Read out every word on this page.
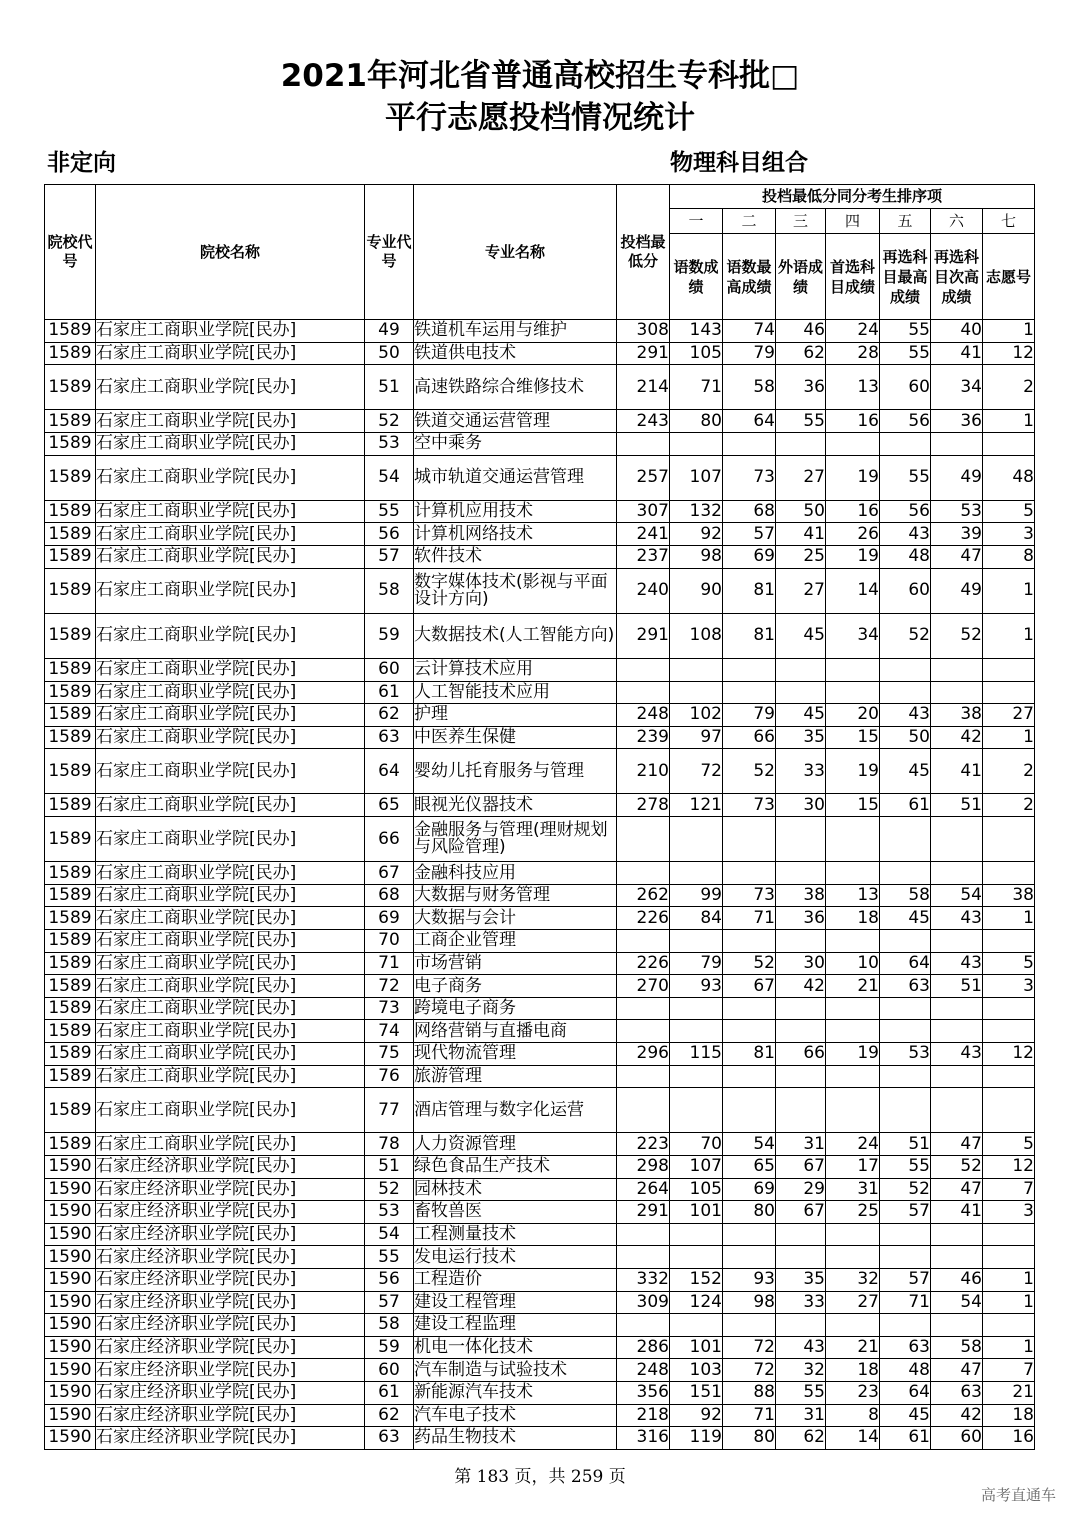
2021年河北省普通高校招生专科批□
平行志愿投档情况统计
非定向	物理科目组合
院校代号	院校名称	专业代号	专业名称	投档最低分	投档最低分同分考生排序项						
					一	二	三	四	五	六	七
					语数成绩	语数最高成绩	外语成绩	首选科目成绩	再选科目最高成绩	再选科目次高成绩	志愿号
1589	石家庄工商职业学院[民办]	49	铁道机车运用与维护	308	143	74	46	24	55	40	1
1589	石家庄工商职业学院[民办]	50	铁道供电技术	291	105	79	62	28	55	41	12
1589	石家庄工商职业学院[民办]	51	高速铁路综合维修技术	214	71	58	36	13	60	34	2
1589	石家庄工商职业学院[民办]	52	铁道交通运营管理	243	80	64	55	16	56	36	1
1589	石家庄工商职业学院[民办]	53	空中乘务								
1589	石家庄工商职业学院[民办]	54	城市轨道交通运营管理	257	107	73	27	19	55	49	48
1589	石家庄工商职业学院[民办]	55	计算机应用技术	307	132	68	50	16	56	53	5
1589	石家庄工商职业学院[民办]	56	计算机网络技术	241	92	57	41	26	43	39	3
1589	石家庄工商职业学院[民办]	57	软件技术	237	98	69	25	19	48	47	8
1589	石家庄工商职业学院[民办]	58	数字媒体技术(影视与平面设计方向)	240	90	81	27	14	60	49	1
1589	石家庄工商职业学院[民办]	59	大数据技术(人工智能方向)	291	108	81	45	34	52	52	1
1589	石家庄工商职业学院[民办]	60	云计算技术应用								
1589	石家庄工商职业学院[民办]	61	人工智能技术应用								
1589	石家庄工商职业学院[民办]	62	护理	248	102	79	45	20	43	38	27
1589	石家庄工商职业学院[民办]	63	中医养生保健	239	97	66	35	15	50	42	1
1589	石家庄工商职业学院[民办]	64	婴幼儿托育服务与管理	210	72	52	33	19	45	41	2
1589	石家庄工商职业学院[民办]	65	眼视光仪器技术	278	121	73	30	15	61	51	2
1589	石家庄工商职业学院[民办]	66	金融服务与管理(理财规划与风险管理)								
1589	石家庄工商职业学院[民办]	67	金融科技应用								
1589	石家庄工商职业学院[民办]	68	大数据与财务管理	262	99	73	38	13	58	54	38
1589	石家庄工商职业学院[民办]	69	大数据与会计	226	84	71	36	18	45	43	1
1589	石家庄工商职业学院[民办]	70	工商企业管理								
1589	石家庄工商职业学院[民办]	71	市场营销	226	79	52	30	10	64	43	5
1589	石家庄工商职业学院[民办]	72	电子商务	270	93	67	42	21	63	51	3
1589	石家庄工商职业学院[民办]	73	跨境电子商务								
1589	石家庄工商职业学院[民办]	74	网络营销与直播电商								
1589	石家庄工商职业学院[民办]	75	现代物流管理	296	115	81	66	19	53	43	12
1589	石家庄工商职业学院[民办]	76	旅游管理								
1589	石家庄工商职业学院[民办]	77	酒店管理与数字化运营								
1589	石家庄工商职业学院[民办]	78	人力资源管理	223	70	54	31	24	51	47	5
1590	石家庄经济职业学院[民办]	51	绿色食品生产技术	298	107	65	67	17	55	52	12
1590	石家庄经济职业学院[民办]	52	园林技术	264	105	69	29	31	52	47	7
1590	石家庄经济职业学院[民办]	53	畜牧兽医	291	101	80	67	25	57	41	3
1590	石家庄经济职业学院[民办]	54	工程测量技术								
1590	石家庄经济职业学院[民办]	55	发电运行技术								
1590	石家庄经济职业学院[民办]	56	工程造价	332	152	93	35	32	57	46	1
1590	石家庄经济职业学院[民办]	57	建设工程管理	309	124	98	33	27	71	54	1
1590	石家庄经济职业学院[民办]	58	建设工程监理								
1590	石家庄经济职业学院[民办]	59	机电一体化技术	286	101	72	43	21	63	58	1
1590	石家庄经济职业学院[民办]	60	汽车制造与试验技术	248	103	72	32	18	48	47	7
1590	石家庄经济职业学院[民办]	61	新能源汽车技术	356	151	88	55	23	64	63	21
1590	石家庄经济职业学院[民办]	62	汽车电子技术	218	92	71	31	8	45	42	18
1590	石家庄经济职业学院[民办]	63	药品生物技术	316	119	80	62	14	61	60	16
第 183 页，共 259 页
高考直通车
